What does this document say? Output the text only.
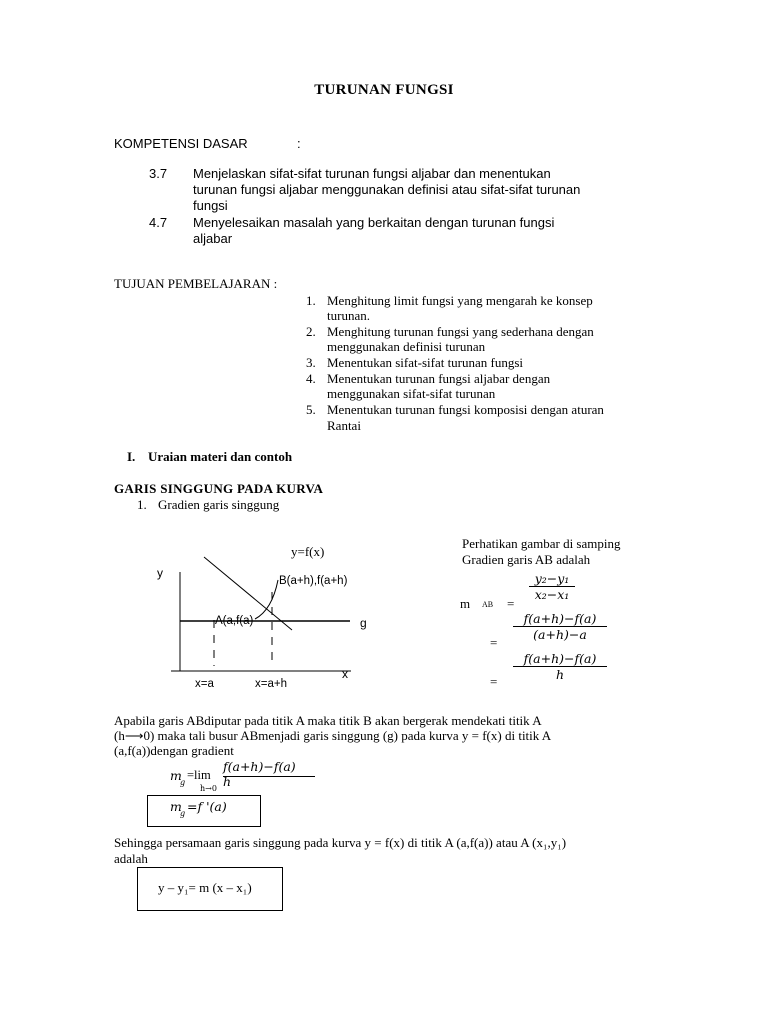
TURUNAN FUNGSI
KOMPETENSI DASAR	:
3.7 Menjelaskan sifat-sifat turunan fungsi aljabar dan menentukan
turunan fungsi aljabar menggunakan definisi atau sifat-sifat turunan
fungsi
4.7 Menyelesaikan masalah yang berkaitan dengan turunan fungsi
aljabar
TUJUAN PEMBELAJARAN :
1. Menghitung limit fungsi yang mengarah ke konsep
turunan.
2. Menghitung turunan fungsi yang sederhana dengan
menggunakan definisi turunan
3. Menentukan sifat-sifat turunan fungsi
4. Menentukan turunan fungsi aljabar dengan
menggunakan sifat-sifat turunan
5. Menentukan turunan fungsi komposisi dengan aturan
Rantai
I. Uraian materi dan contoh
GARIS SINGGUNG PADA KURVA
1. Gradien garis singgung
y=f(x)
y
B(a+h),f(a+h)
A(a,f(a)	g
x
x=a	x=a+h
Perhatikan gambar di samping
Gradien garis AB adalah
m AB =
$\frac{\text{y₂−y₁}}{\text{x₂−x₁}}$
=
$\frac{f(a+h)-f(a)}{(a+h)-a}$
= $\frac{f(a+h)-f(a)}{h}$
Apabila garis ABdiputar pada titik A maka titik B akan bergerak mendekati titik A
(h⟶0) maka tali busur ABmenjadi garis singgung (g) pada kurva y = f(x) di titik A
(a,f(a))dengan gradient
m
g
=lim
h→0
f(a+h)−f(a)
h
m
g =f '(a)
Sehingga persamaan garis singgung pada kurva y = f(x) di titik A (a,f(a)) atau A (x₁,y₁)
adalah
y – y₁= m (x – x₁)
